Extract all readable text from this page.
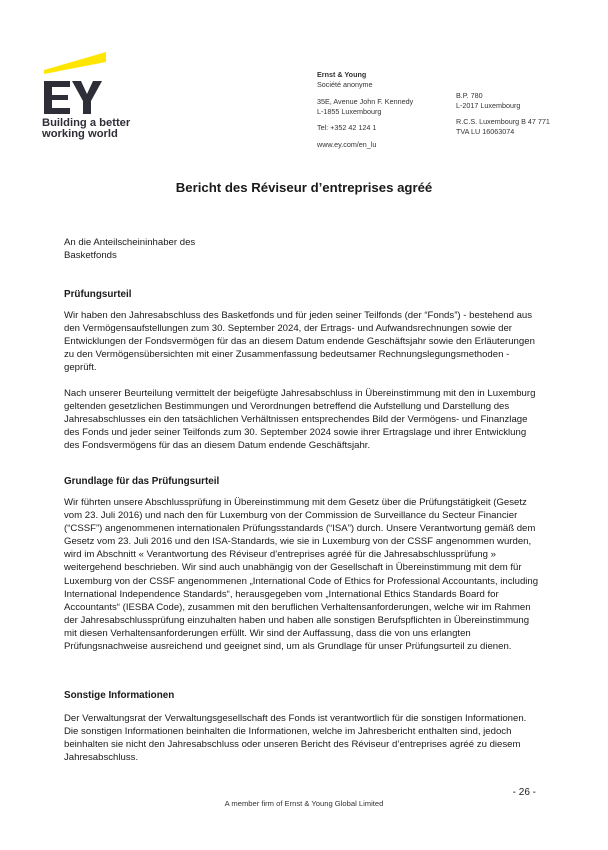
Building a better
working world
Ernst & Young
Société anonyme
35E, Avenue John F. Kennedy
L-1855 Luxembourg
Tel: +352 42 124 1
www.ey.com/en_lu
B.P. 780
L-2017 Luxembourg
R.C.S. Luxembourg B 47 771
TVA LU 16063074
Bericht des Réviseur d’entreprises agréé
An die Anteilscheininhaber des
Basketfonds
Prüfungsurteil
Wir haben den Jahresabschluss des Basketfonds und für jeden seiner Teilfonds (der “Fonds”) - bestehend aus den Vermögensaufstellungen zum 30. September 2024, der Ertrags- und Aufwandsrechnungen sowie der Entwicklungen der Fondsvermögen für das an diesem Datum endende Geschäftsjahr sowie den Erläuterungen zu den Vermögensübersichten mit einer Zusammenfassung bedeutsamer Rechnungslegungsmethoden - geprüft.
Nach unserer Beurteilung vermittelt der beigefügte Jahresabschluss in Übereinstimmung mit den in Luxemburg geltenden gesetzlichen Bestimmungen und Verordnungen betreffend die Aufstellung und Darstellung des Jahresabschlusses ein den tatsächlichen Verhältnissen entsprechendes Bild der Vermögens- und Finanzlage des Fonds und jeder seiner Teilfonds zum 30. September 2024 sowie ihrer Ertragslage und ihrer Entwicklung des Fondsvermögens für das an diesem Datum endende Geschäftsjahr.
Grundlage für das Prüfungsurteil
Wir führten unsere Abschlussprüfung in Übereinstimmung mit dem Gesetz über die Prüfungstätigkeit (Gesetz vom 23. Juli 2016) und nach den für Luxemburg von der Commission de Surveillance du Secteur Financier (“CSSF”) angenommenen internationalen Prüfungsstandards (“ISA”) durch. Unsere Verantwortung gemäß dem Gesetz vom 23. Juli 2016 und den ISA-Standards, wie sie in Luxemburg von der CSSF angenommen wurden, wird im Abschnitt « Verantwortung des Réviseur d’entreprises agréé für die Jahresabschlussprüfung » weitergehend beschrieben. Wir sind auch unabhängig von der Gesellschaft in Übereinstimmung mit dem für Luxemburg von der CSSF angenommenen „International Code of Ethics for Professional Accountants, including International Independence Standards“, herausgegeben vom „International Ethics Standards Board for Accountants“ (IESBA Code), zusammen mit den beruflichen Verhaltensanforderungen, welche wir im Rahmen der Jahresabschlussprüfung einzuhalten haben und haben alle sonstigen Berufspflichten in Übereinstimmung mit diesen Verhaltensanforderungen erfüllt. Wir sind der Auffassung, dass die von uns erlangten Prüfungsnachweise ausreichend und geeignet sind, um als Grundlage für unser Prüfungsurteil zu dienen.
Sonstige Informationen
Der Verwaltungsrat der Verwaltungsgesellschaft des Fonds ist verantwortlich für die sonstigen Informationen. Die sonstigen Informationen beinhalten die Informationen, welche im Jahresbericht enthalten sind, jedoch beinhalten sie nicht den Jahresabschluss oder unseren Bericht des Réviseur d’entreprises agréé zu diesem Jahresabschluss.
- 26 -
A member firm of Ernst & Young Global Limited
